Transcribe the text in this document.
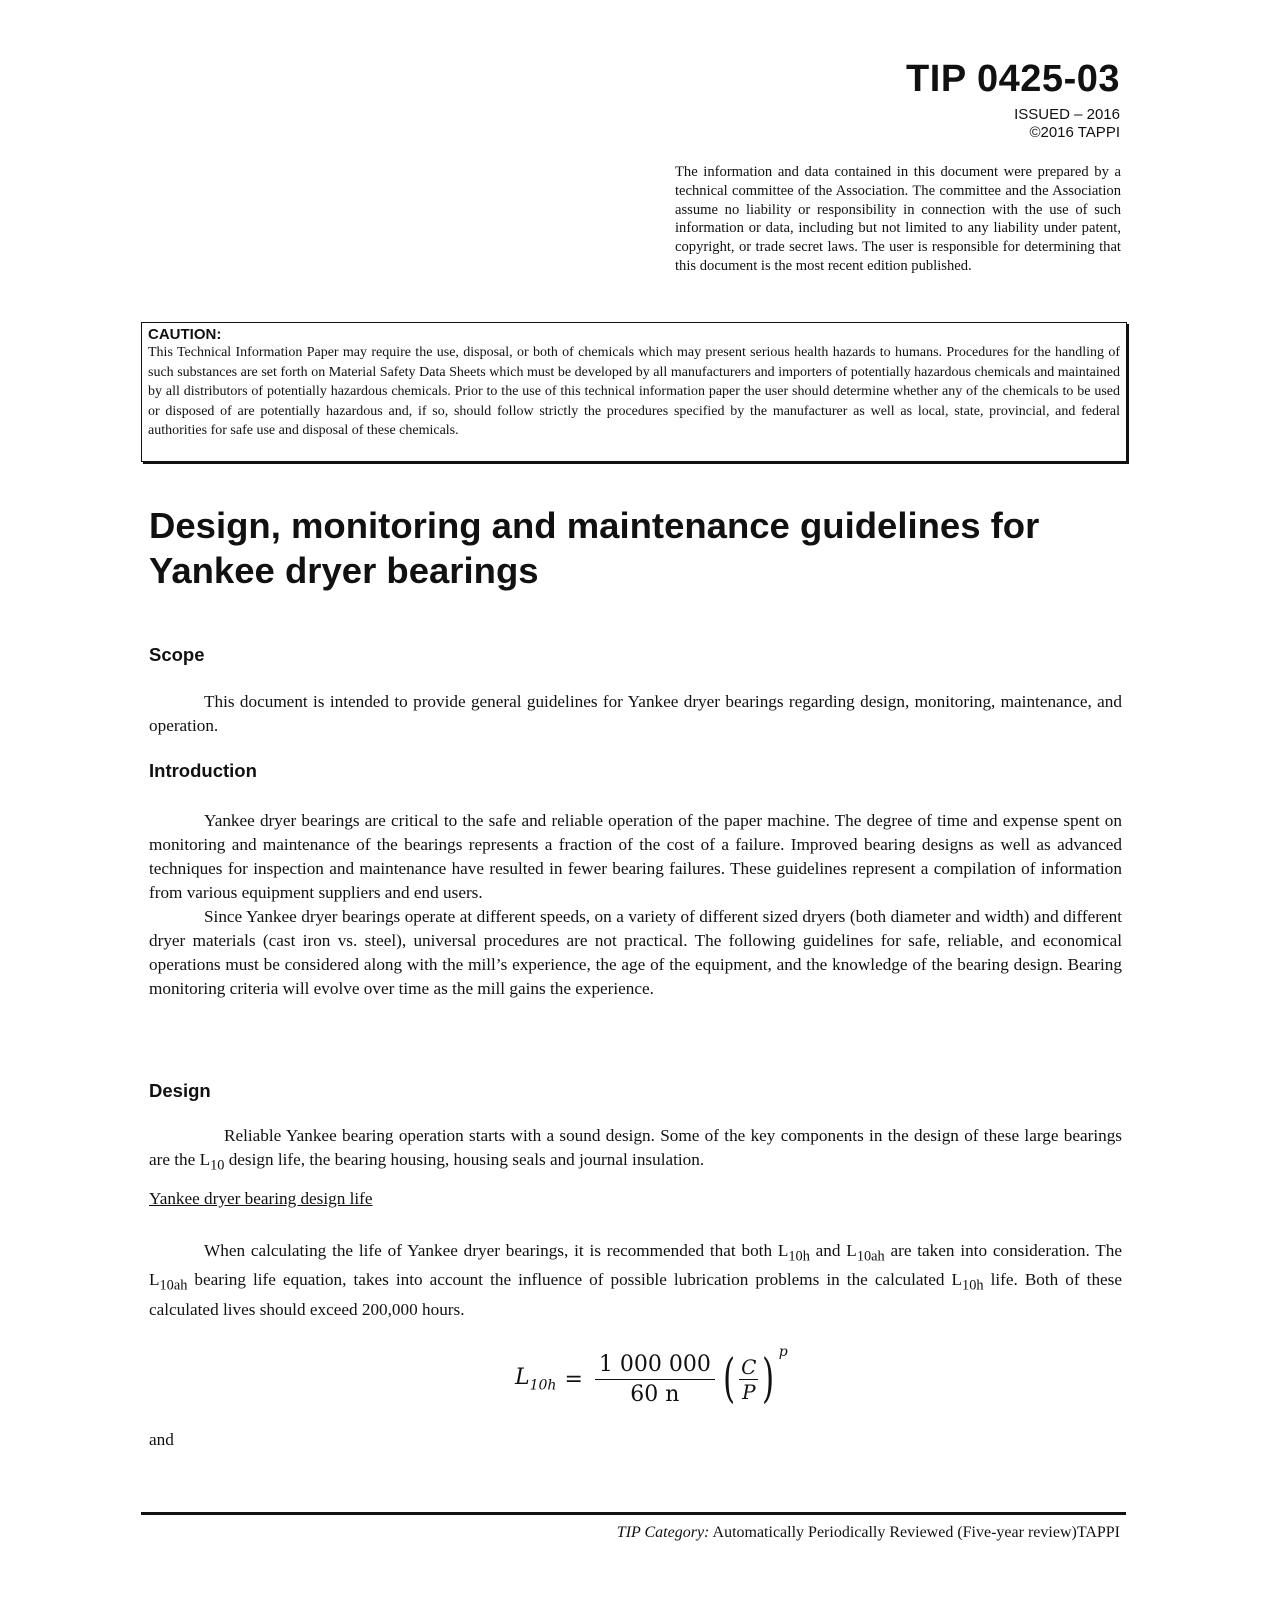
TIP 0425-03
ISSUED – 2016
©2016 TAPPI
The information and data contained in this document were prepared by a technical committee of the Association. The committee and the Association assume no liability or responsibility in connection with the use of such information or data, including but not limited to any liability under patent, copyright, or trade secret laws. The user is responsible for determining that this document is the most recent edition published.
CAUTION:
This Technical Information Paper may require the use, disposal, or both of chemicals which may present serious health hazards to humans. Procedures for the handling of such substances are set forth on Material Safety Data Sheets which must be developed by all manufacturers and importers of potentially hazardous chemicals and maintained by all distributors of potentially hazardous chemicals. Prior to the use of this technical information paper the user should determine whether any of the chemicals to be used or disposed of are potentially hazardous and, if so, should follow strictly the procedures specified by the manufacturer as well as local, state, provincial, and federal authorities for safe use and disposal of these chemicals.
Design, monitoring and maintenance guidelines for
Yankee dryer bearings
Scope

This document is intended to provide general guidelines for Yankee dryer bearings regarding design, monitoring, maintenance, and operation.

Introduction

Yankee dryer bearings are critical to the safe and reliable operation of the paper machine. The degree of time and expense spent on monitoring and maintenance of the bearings represents a fraction of the cost of a failure. Improved bearing designs as well as advanced techniques for inspection and maintenance have resulted in fewer bearing failures. These guidelines represent a compilation of information from various equipment suppliers and end users.

Since Yankee dryer bearings operate at different speeds, on a variety of different sized dryers (both diameter and width) and different dryer materials (cast iron vs. steel), universal procedures are not practical. The following guidelines for safe, reliable, and economical operations must be considered along with the mill’s experience, the age of the equipment, and the knowledge of the bearing design. Bearing monitoring criteria will evolve over time as the mill gains the experience.

Design

Reliable Yankee bearing operation starts with a sound design. Some of the key components in the design of these large bearings are the $L_{10}$ design life, the bearing housing, housing seals and journal insulation.

Yankee dryer bearing design life

When calculating the life of Yankee dryer bearings, it is recommended that both $L_{10h}$ and $L_{10ah}$ are taken into consideration. The $L_{10ah}$ bearing life equation, takes into account the influence of possible lubrication problems in the calculated $L_{10h}$ life. Both of these calculated lives should exceed 200,000 hours.

$L_{10h} = \frac{1 000 000}{60 n}$ ( $\frac{C}{P}$ ) p
and
TIP Category: Automatically Periodically Reviewed (Five-year review)TAPPI
